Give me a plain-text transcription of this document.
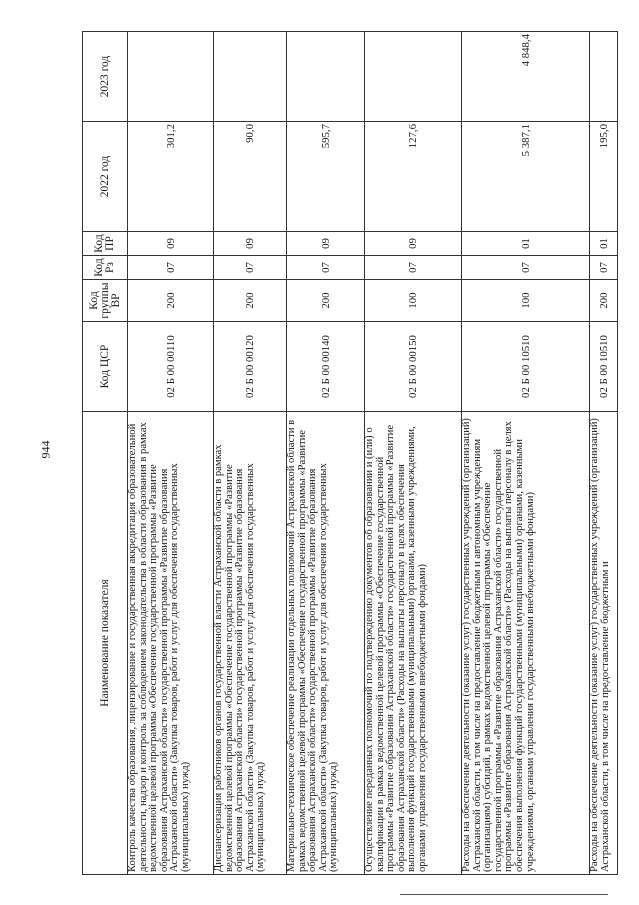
944
Наименование показателя	Код ЦСР	Код группы ВР	Код Рз	Код ПР	2022 год	2023 год
Контроль качества образования, лицензирование и государственная аккредитация образовательной деятельности, надзор и контроль за соблюдением законодательства в области образования в рамках ведомственной целевой программы «Обеспечение государственной программы «Развитие образования Астраханской области» государственной программы «Развитие образования Астраханской области» (Закупка товаров, работ и услуг для обеспечения государственных (муниципальных) нужд)	02 Б 00 00110	200	07	09	301,2	
Диспансеризация работников органов государственной власти Астраханской области в рамках ведомственной целевой программы «Обеспечение государственной программы «Развитие образования Астраханской области» государственной программы «Развитие образования Астраханской области» (Закупка товаров, работ и услуг для обеспечения государственных (муниципальных) нужд)	02 Б 00 00120	200	07	09	90,0	
Материально-техническое обеспечение реализации отдельных полномочий Астраханской области в рамках ведомственной целевой программы «Обеспечение государственной программы «Развитие образования Астраханской области» государственной программы «Развитие образования Астраханской области» (Закупка товаров, работ и услуг для обеспечения государственных (муниципальных) нужд)	02 Б 00 00140	200	07	09	595,7	
Осуществление переданных полномочий по подтверждению документов об образовании и (или) о квалификации в рамках ведомственной целевой программы «Обеспечение государственной программы «Развитие образования Астраханской области» государственной программы «Развитие образования Астраханской области» (Расходы на выплаты персоналу в целях обеспечения выполнения функций государственными (муниципальными) органами, казенными учреждениями, органами управления государственными внебюджетными фондами)	02 Б 00 00150	100	07	09	127,6	
Расходы на обеспечение деятельности (оказание услуг) государственных учреждений (организаций) Астраханской области, в том числе на предоставление бюджетным и автономным учреждениям (организациям) субсидий, в рамках ведомственной целевой программы «Обеспечение государственной программы «Развитие образования Астраханской области» государственной программы «Развитие образования Астраханской области» (Расходы на выплаты персоналу в целях обеспечения выполнения функций государственными (муниципальными) органами, казенными учреждениями, органами управления государственными внебюджетными фондами)	02 Б 00 10510	100	07	01	5 387,1	4 848,4
Расходы на обеспечение деятельности (оказание услуг) государственных учреждений (организаций) Астраханской области, в том числе на предоставление бюджетным и	02 Б 00 10510	200	07	01	195,0	
